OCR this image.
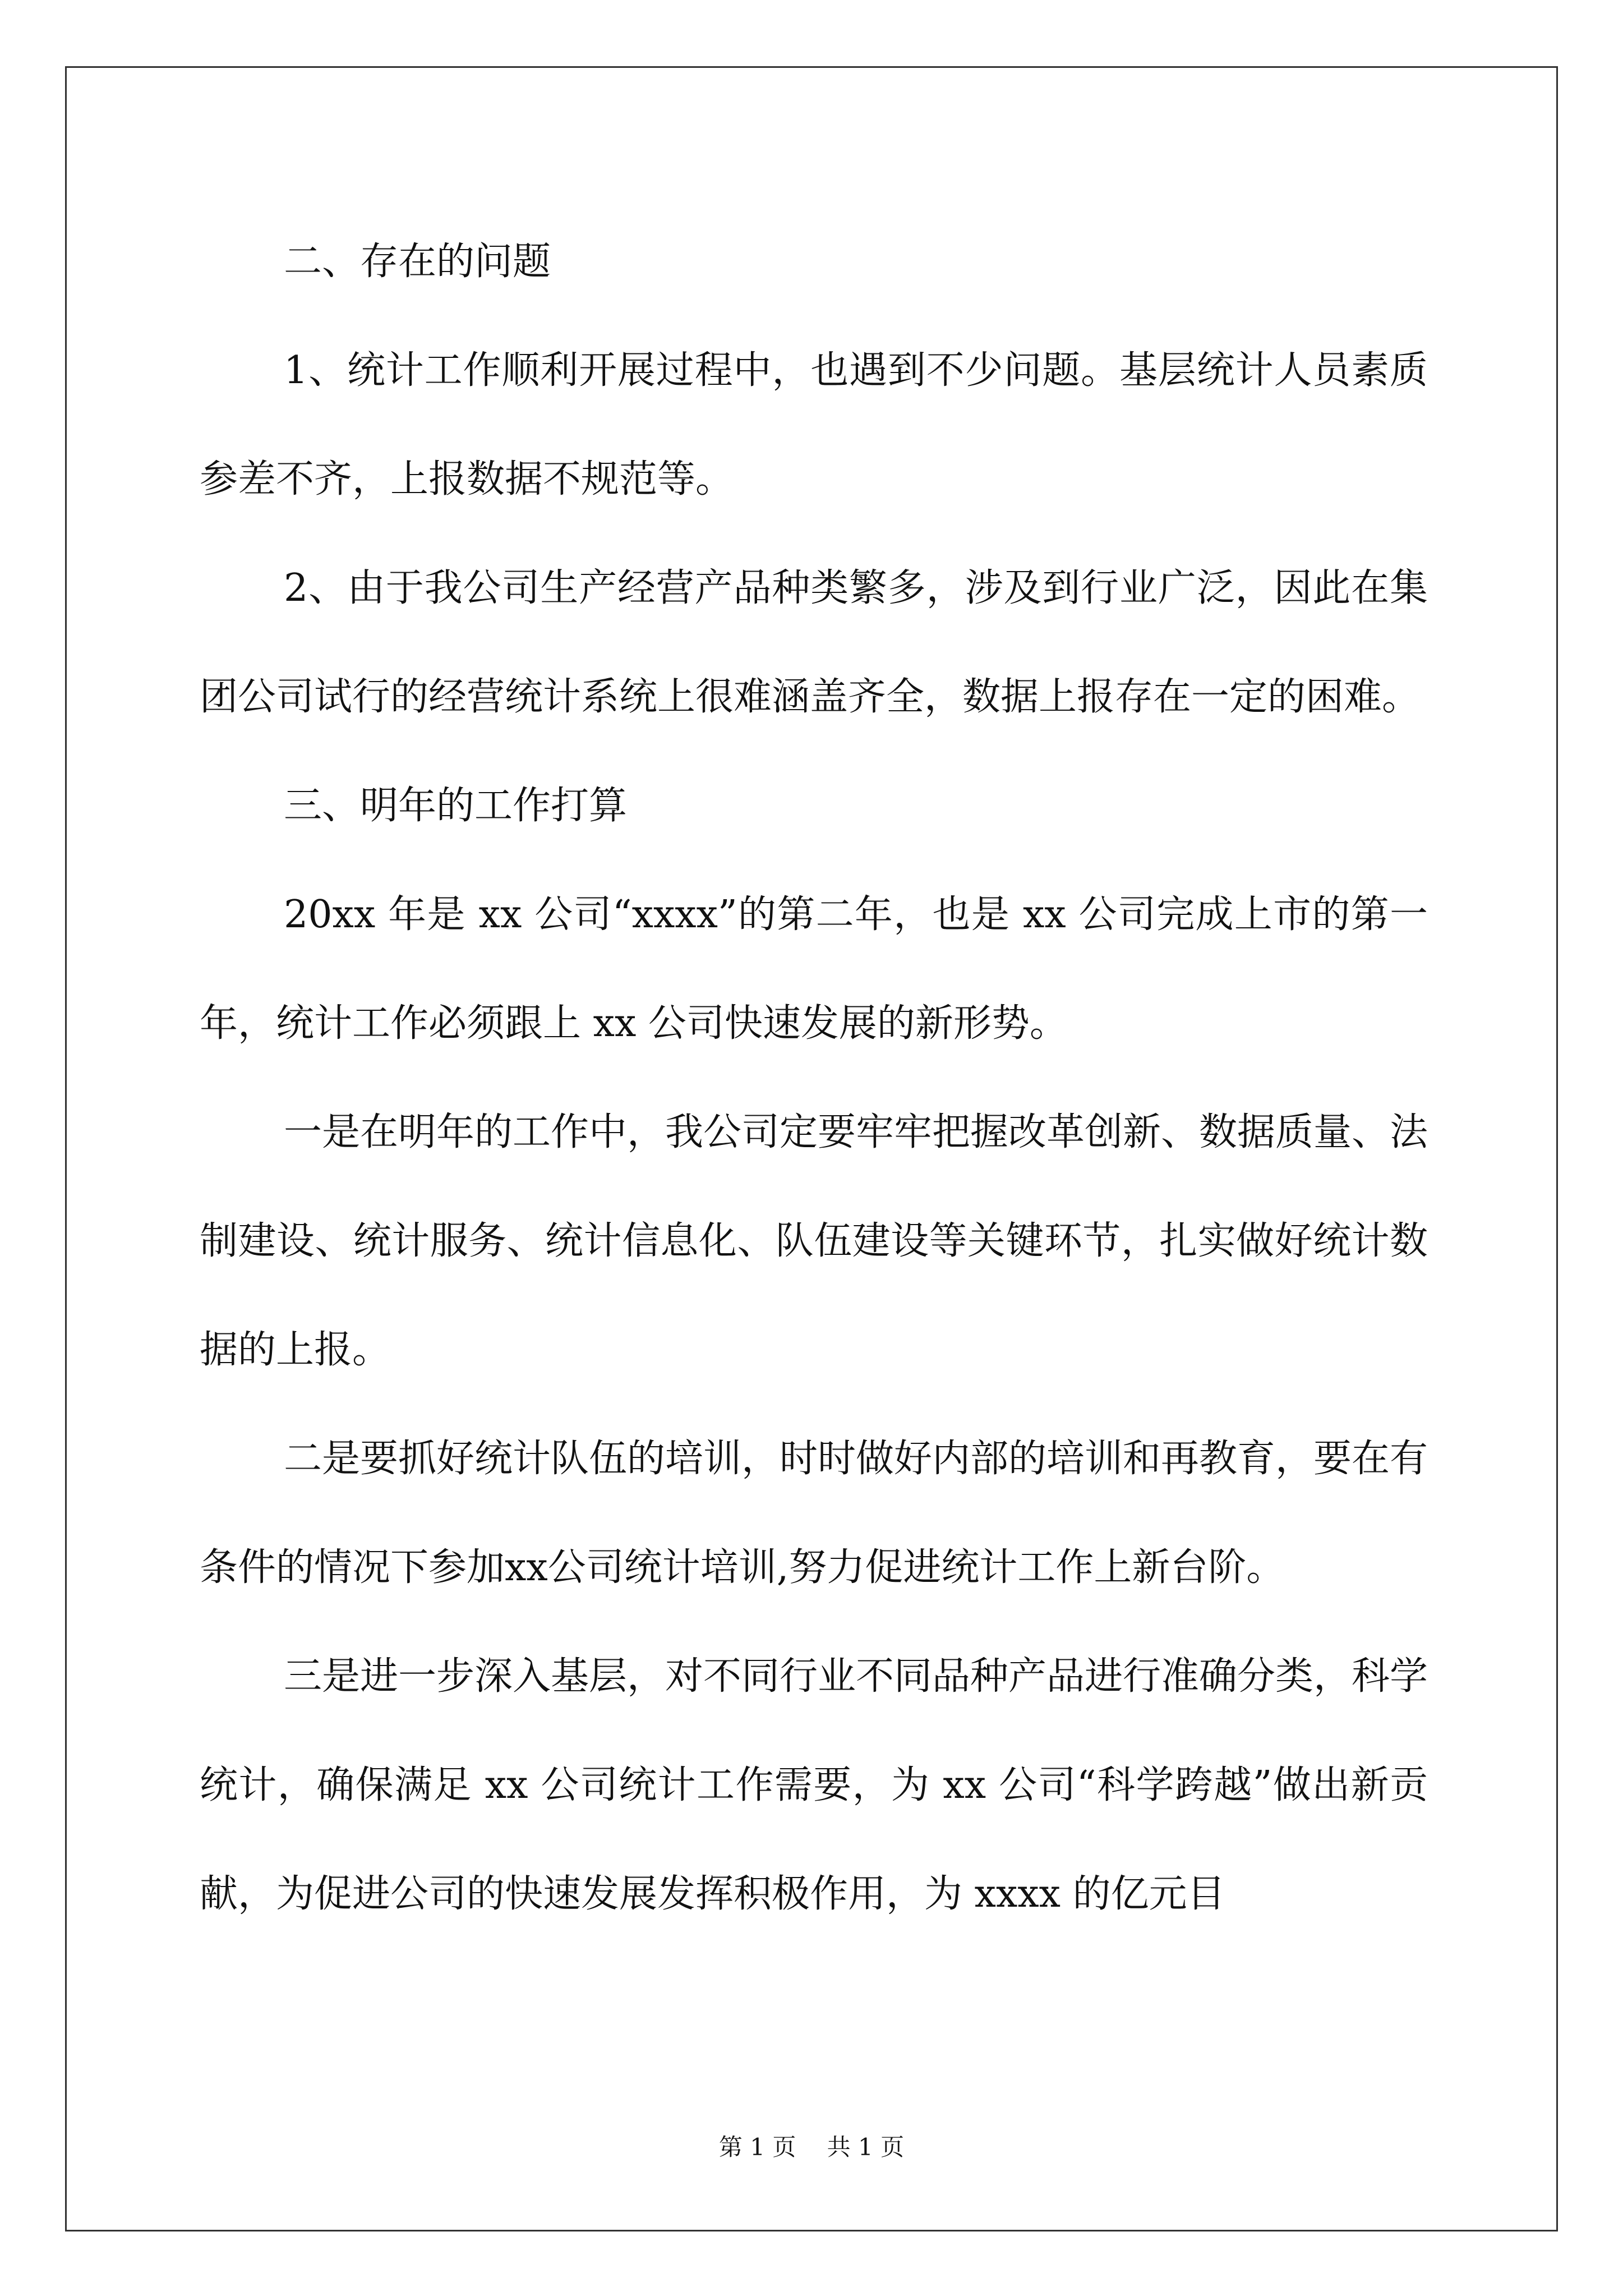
二、存在的问题

1、统计工作顺利开展过程中，也遇到不少问题。基层统计人员素质参差不齐，上报数据不规范等。

2、由于我公司生产经营产品种类繁多，涉及到行业广泛，因此在集团公司试行的经营统计系统上很难涵盖齐全，数据上报存在一定的困难。

三、明年的工作打算

20xx 年是 xx 公司“xxxx”的第二年，也是 xx 公司完成上市的第一年，统计工作必须跟上 xx 公司快速发展的新形势。

一是在明年的工作中，我公司定要牢牢把握改革创新、数据质量、法制建设、统计服务、统计信息化、队伍建设等关键环节，扎实做好统计数据的上报。

二是要抓好统计队伍的培训，时时做好内部的培训和再教育，要在有条件的情况下参加xx公司统计培训,努力促进统计工作上新台阶。

三是进一步深入基层，对不同行业不同品种产品进行准确分类，科学统计，确保满足 xx 公司统计工作需要，为 xx 公司“科学跨越”做出新贡献，为促进公司的快速发展发挥积极作用，为 xxxx 的亿元目

第 1 页　 共 1 页
